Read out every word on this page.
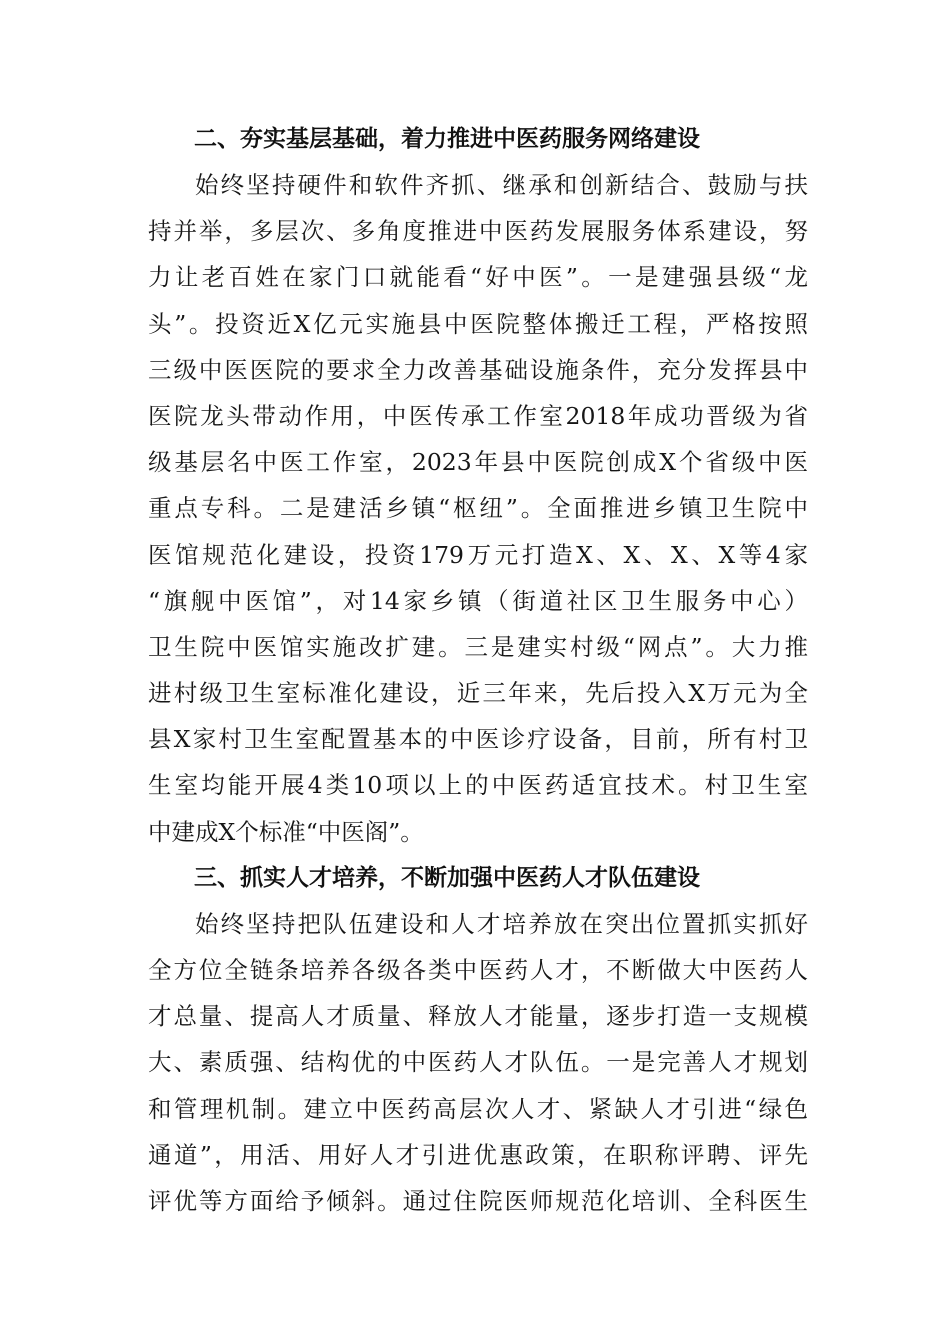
二、夯实基层基础，着力推进中医药服务网络建设
始终坚持硬件和软件齐抓、继承和创新结合、鼓励与扶
持并举，多层次、多角度推进中医药发展服务体系建设，努
力让老百姓在家门口就能看“好中医”。一是建强县级“龙
头”。投资近X亿元实施县中医院整体搬迁工程，严格按照
三级中医医院的要求全力改善基础设施条件，充分发挥县中
医院龙头带动作用，中医传承工作室2018年成功晋级为省
级基层名中医工作室，2023年县中医院创成X个省级中医
重点专科。二是建活乡镇“枢纽”。全面推进乡镇卫生院中
医馆规范化建设，投资179万元打造X、X、X、X等4家
“旗舰中医馆”，对14家乡镇（街道社区卫生服务中心）
卫生院中医馆实施改扩建。三是建实村级“网点”。大力推
进村级卫生室标准化建设，近三年来，先后投入X万元为全
县X家村卫生室配置基本的中医诊疗设备，目前，所有村卫
生室均能开展4类10项以上的中医药适宜技术。村卫生室
中建成X个标准“中医阁”。
三、抓实人才培养，不断加强中医药人才队伍建设
始终坚持把队伍建设和人才培养放在突出位置抓实抓好
全方位全链条培养各级各类中医药人才，不断做大中医药人
才总量、提高人才质量、释放人才能量，逐步打造一支规模
大、素质强、结构优的中医药人才队伍。一是完善人才规划
和管理机制。建立中医药高层次人才、紧缺人才引进“绿色
通道”，用活、用好人才引进优惠政策，在职称评聘、评先
评优等方面给予倾斜。通过住院医师规范化培训、全科医生
